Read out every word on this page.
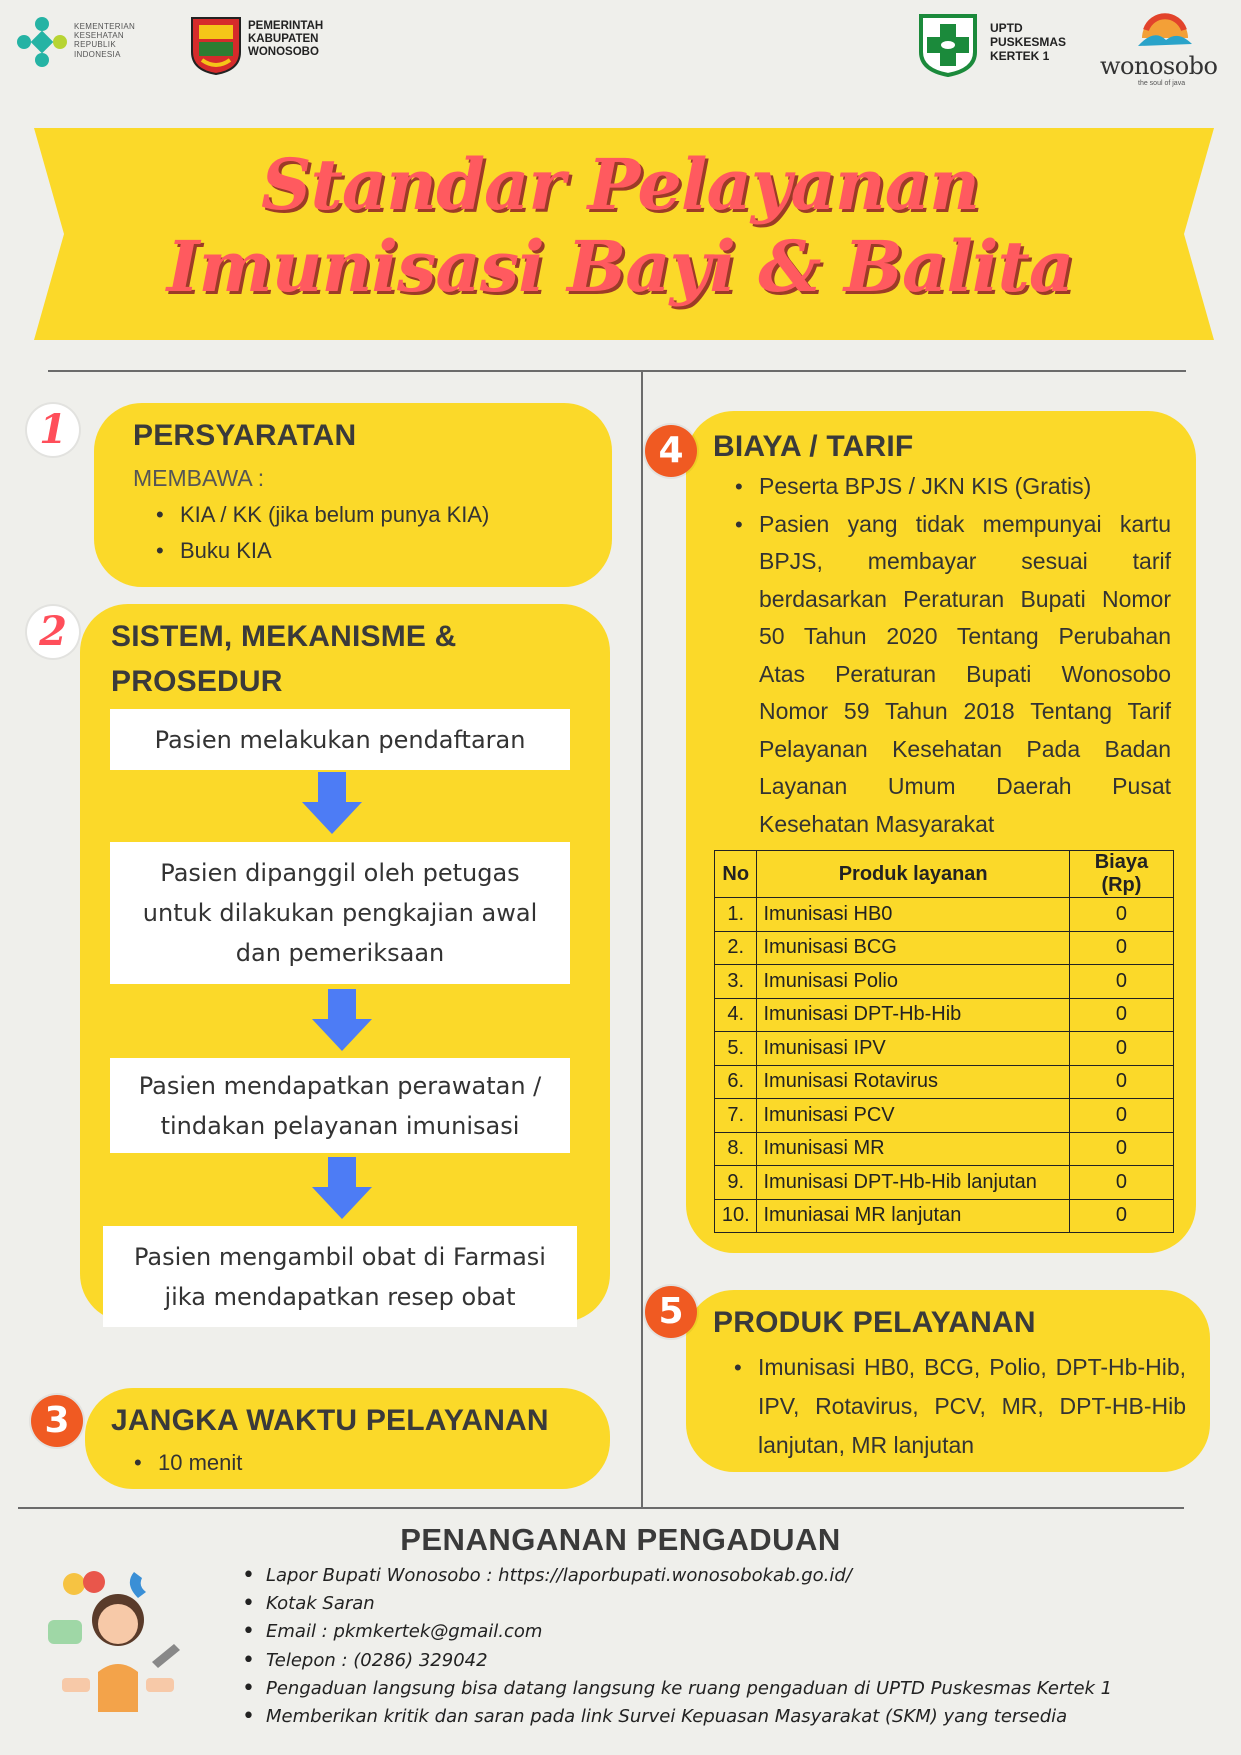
KEMENTERIAN
KESEHATAN
REPUBLIK
INDONESIA
PEMERINTAH
KABUPATEN
WONOSOBO
UPTD
PUSKESMAS
KERTEK 1	wonosobo
the soul of java
Standar Pelayanan
Imunisasi Bayi & Balita
1	PERSYARATAN
MEMBAWA :
• KIA / KK (jika belum punya KIA)
• Buku KIA
2	SISTEM, MEKANISME &
PROSEDUR
Pasien melakukan pendaftaran
Pasien dipanggil oleh petugas untuk dilakukan pengkajian awal dan pemeriksaan
Pasien mendapatkan perawatan / tindakan pelayanan imunisasi
Pasien mengambil obat di Farmasi jika mendapatkan resep obat
3	JANGKA WAKTU PELAYANAN
• 10 menit
4 BIAYA / TARIF
• Peserta BPJS / JKN KIS (Gratis)
• Pasien yang tidak mempunyai kartu
BPJS, membayar sesuai tarif
berdasarkan Peraturan Bupati Nomor
50 Tahun 2020 Tentang Perubahan
Atas Peraturan Bupati Wonosobo
Nomor 59 Tahun 2018 Tentang Tarif
Pelayanan Kesehatan Pada Badan
Layanan Umum Daerah Pusat
Kesehatan Masyarakat
No	Produk layanan	Biaya (Rp)
1.	Imunisasi HB0	0
2.	Imunisasi BCG	0
3.	Imunisasi Polio	0
4.	Imunisasi DPT-Hb-Hib	0
5.	Imunisasi IPV	0
6.	Imunisasi Rotavirus	0
7.	Imunisasi PCV	0
8.	Imunisasi MR	0
9.	Imunisasi DPT-Hb-Hib lanjutan	0
10.	Imuniasai MR lanjutan	0
5 PRODUK PELAYANAN
• Imunisasi HB0, BCG, Polio, DPT-Hb-Hib,
IPV, Rotavirus, PCV, MR, DPT-HB-Hib
lanjutan, MR lanjutan
PENANGANAN PENGADUAN
• Lapor Bupati Wonosobo : https://laporbupati.wonosobokab.go.id/
• Kotak Saran
• Email : pkmkertek@gmail.com
• Telepon : (0286) 329042
• Pengaduan langsung bisa datang langsung ke ruang pengaduan di UPTD Puskesmas Kertek 1
• Memberikan kritik dan saran pada link Survei Kepuasan Masyarakat (SKM) yang tersedia
